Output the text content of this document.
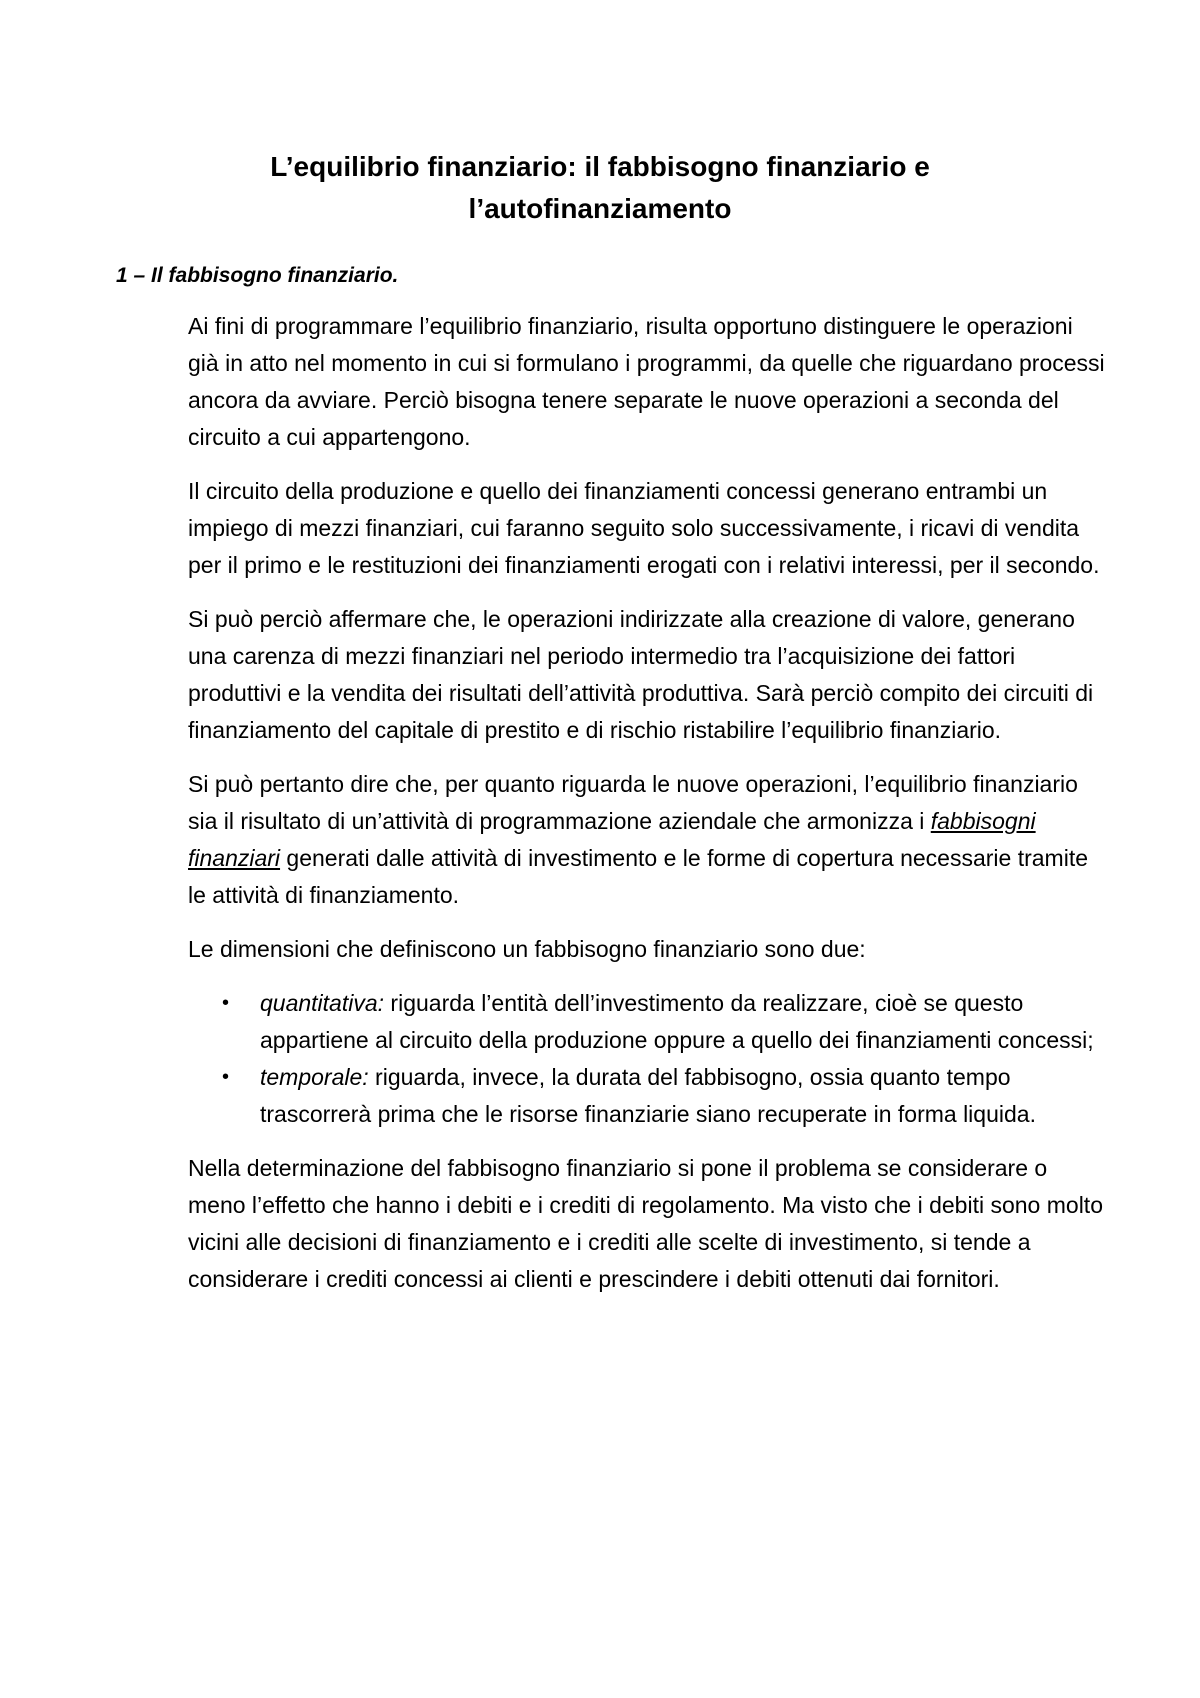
L’equilibrio finanziario: il fabbisogno finanziario e
l’autofinanziamento
1 – Il fabbisogno finanziario.

Ai fini di programmare l’equilibrio finanziario, risulta opportuno distinguere le operazioni già in atto nel momento in cui si formulano i programmi, da quelle che riguardano processi ancora da avviare. Perciò bisogna tenere separate le nuove operazioni a seconda del circuito a cui appartengono.

Il circuito della produzione e quello dei finanziamenti concessi generano entrambi un impiego di mezzi finanziari, cui faranno seguito solo successivamente, i ricavi di vendita per il primo e le restituzioni dei finanziamenti erogati con i relativi interessi, per il secondo.

Si può perciò affermare che, le operazioni indirizzate alla creazione di valore, generano una carenza di mezzi finanziari nel periodo intermedio tra l’acquisizione dei fattori produttivi e la vendita dei risultati dell’attività produttiva. Sarà perciò compito dei circuiti di finanziamento del capitale di prestito e di rischio ristabilire l’equilibrio finanziario.

Si può pertanto dire che, per quanto riguarda le nuove operazioni, l’equilibrio finanziario sia il risultato di un’attività di programmazione aziendale che armonizza i fabbisogni finanziari generati dalle attività di investimento e le forme di copertura necessarie tramite le attività di finanziamento.

Le dimensioni che definiscono un fabbisogno finanziario sono due:

• quantitativa: riguarda l’entità dell’investimento da realizzare, cioè se questo appartiene al circuito della produzione oppure a quello dei finanziamenti concessi;
• temporale: riguarda, invece, la durata del fabbisogno, ossia quanto tempo trascorrerà prima che le risorse finanziarie siano recuperate in forma liquida.

Nella determinazione del fabbisogno finanziario si pone il problema se considerare o meno l’effetto che hanno i debiti e i crediti di regolamento. Ma visto che i debiti sono molto vicini alle decisioni di finanziamento e i crediti alle scelte di investimento, si tende a considerare i crediti concessi ai clienti e prescindere i debiti ottenuti dai fornitori.
